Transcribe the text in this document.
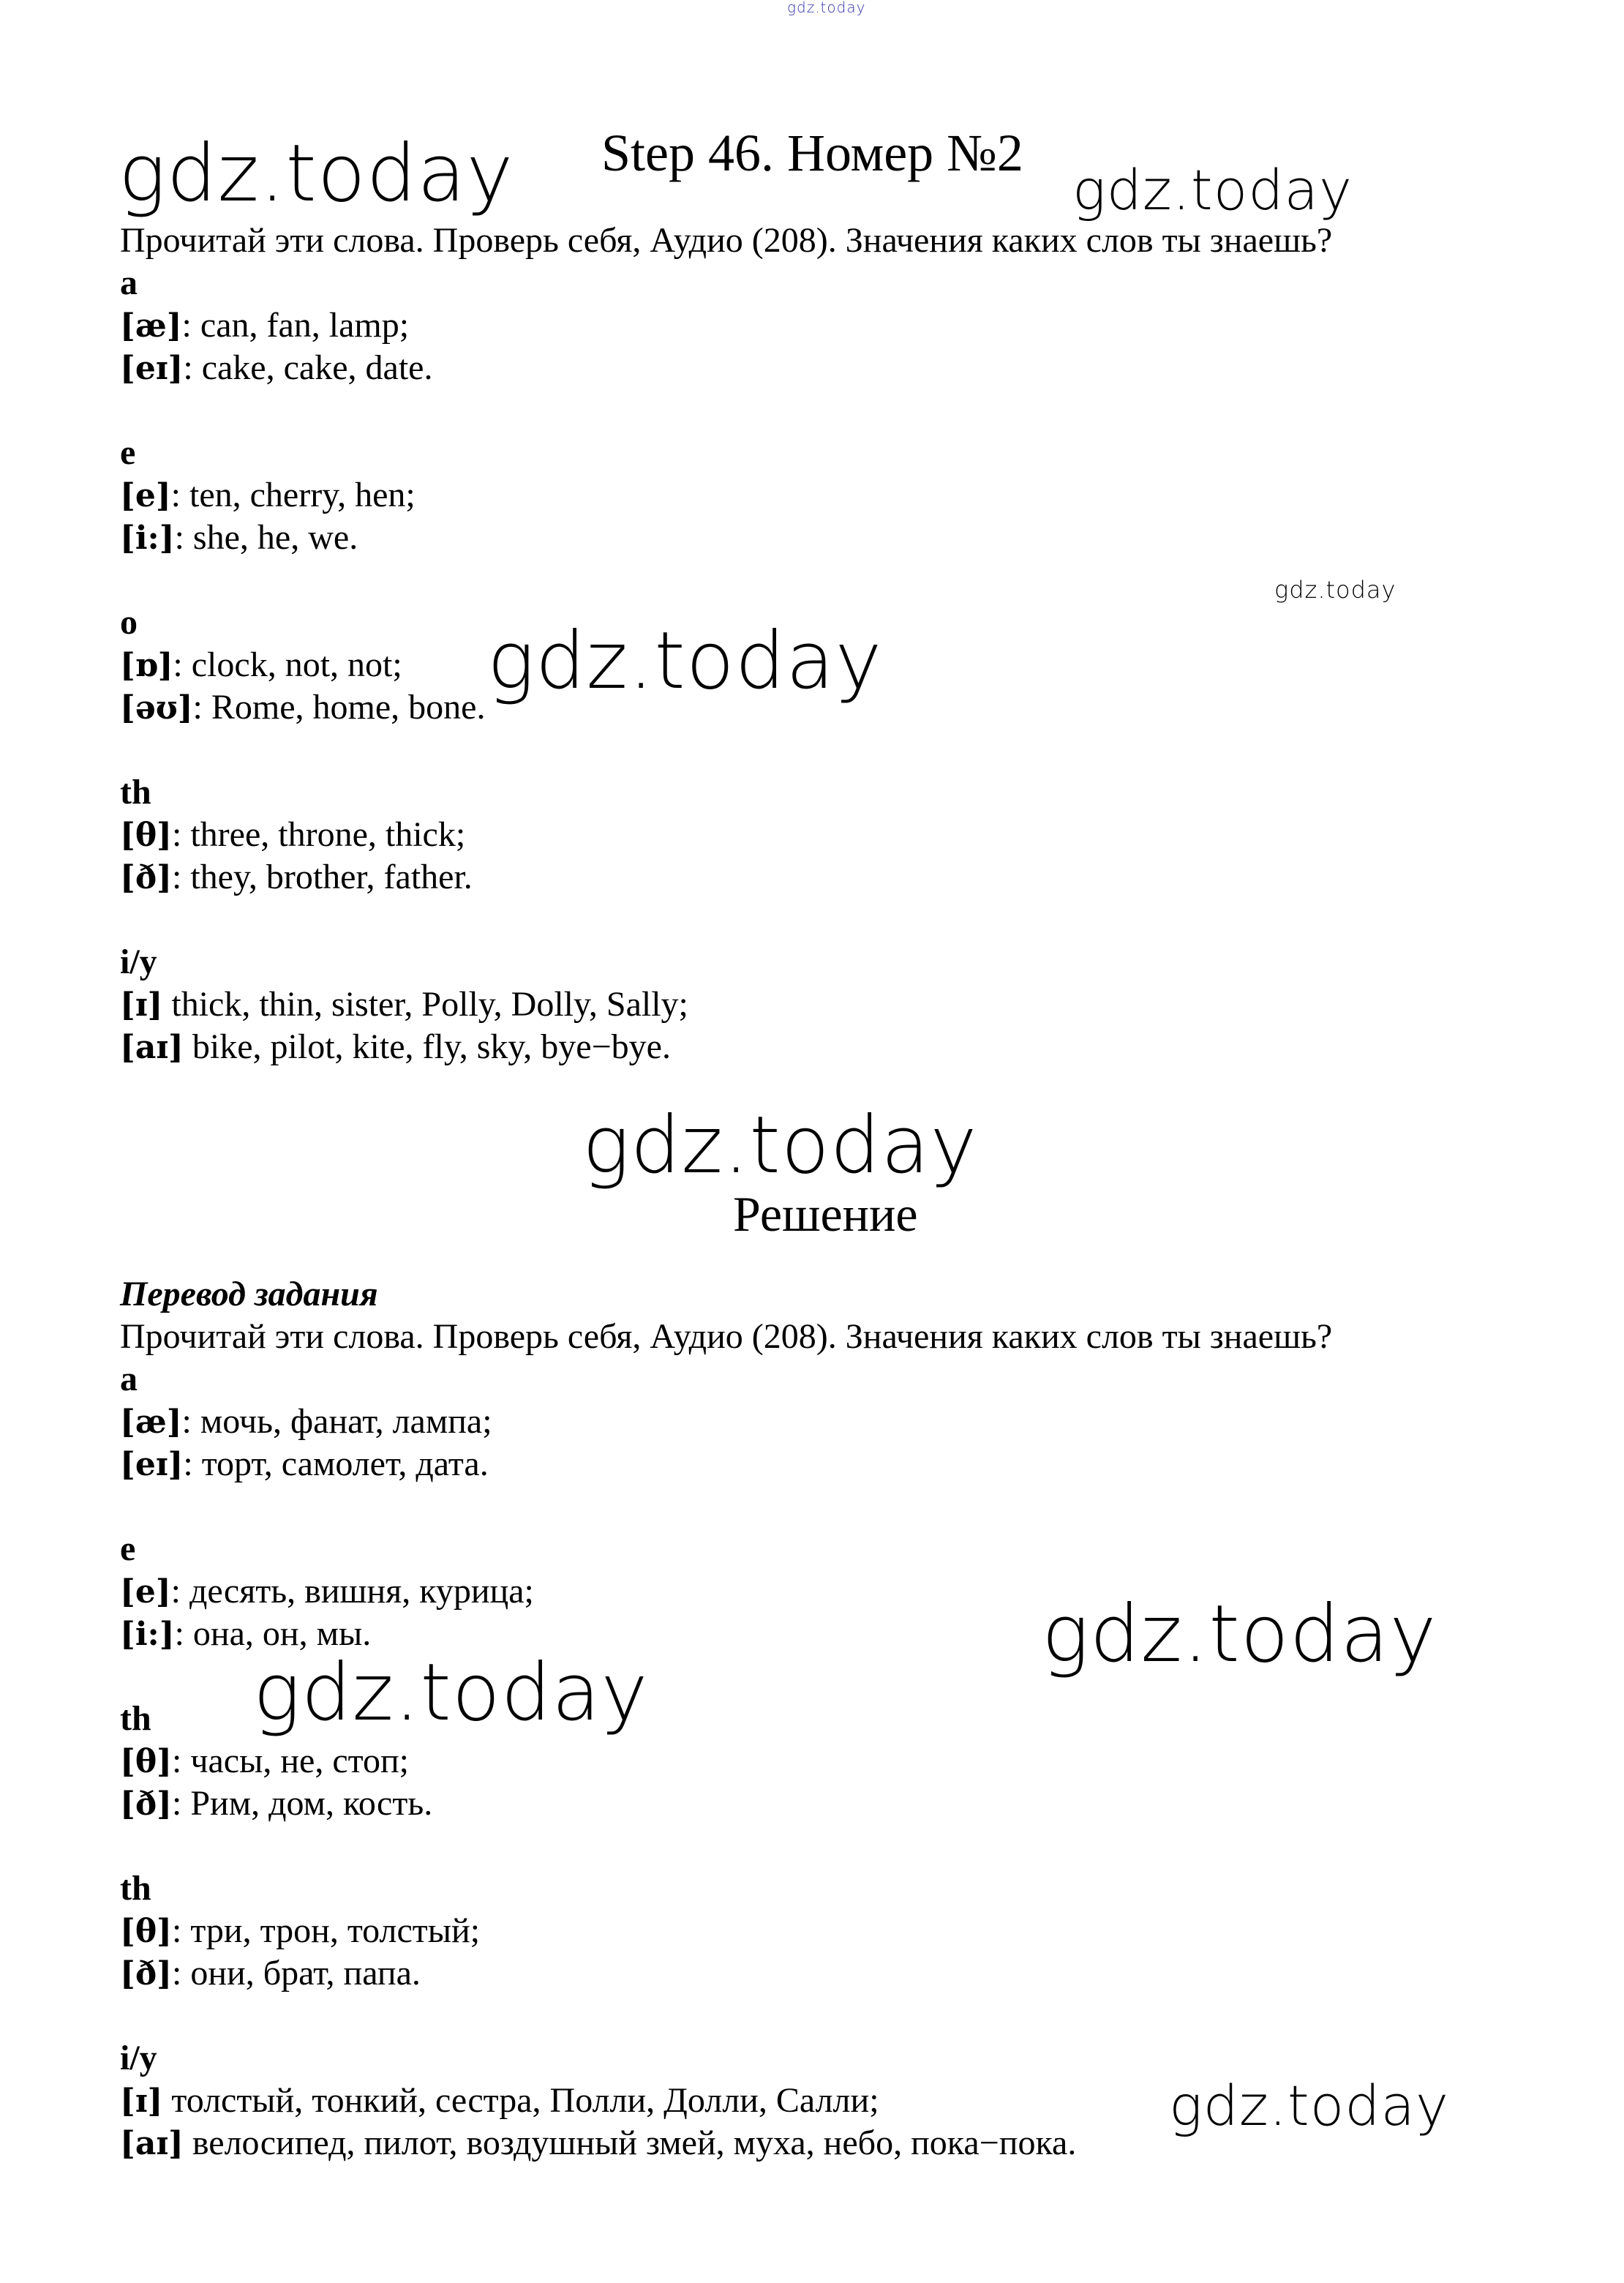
gdz.today
gdz.today	gdz.today
gdz.today
gdz.today
gdz.today
gdz.today
gdz.today
gdz.today
Step 46. Номер №2
Прочитай эти слова. Проверь себя, Аудио (208). Значения каких слов ты знаешь?
a
[æ]: can, fan, lamp;
[eɪ]: cake, cake, date.
e
[e]: ten, cherry, hen;
[i:]: she, he, we.
o
[ɒ]: clock, not, not;
[əʊ]: Rome, home, bone.
th
[θ]: three, throne, thick;
[ð]: they, brother, father.
i/y
[ɪ] thick, thin, sister, Polly, Dolly, Sally;
[aɪ] bike, pilot, kite, fly, sky, bye−bye.
Решение
Перевод задания
Прочитай эти слова. Проверь себя, Аудио (208). Значения каких слов ты знаешь?
a
[æ]: мочь, фанат, лампа;
[eɪ]: торт, самолет, дата.
e
[e]: десять, вишня, курица;
[i:]: она, он, мы.
th
[θ]: часы, не, стоп;
[ð]: Рим, дом, кость.
th
[θ]: три, трон, толстый;
[ð]: они, брат, папа.
i/y
[ɪ] толстый, тонкий, сестра, Полли, Долли, Салли;
[aɪ] велосипед, пилот, воздушный змей, муха, небо, пока−пока.
